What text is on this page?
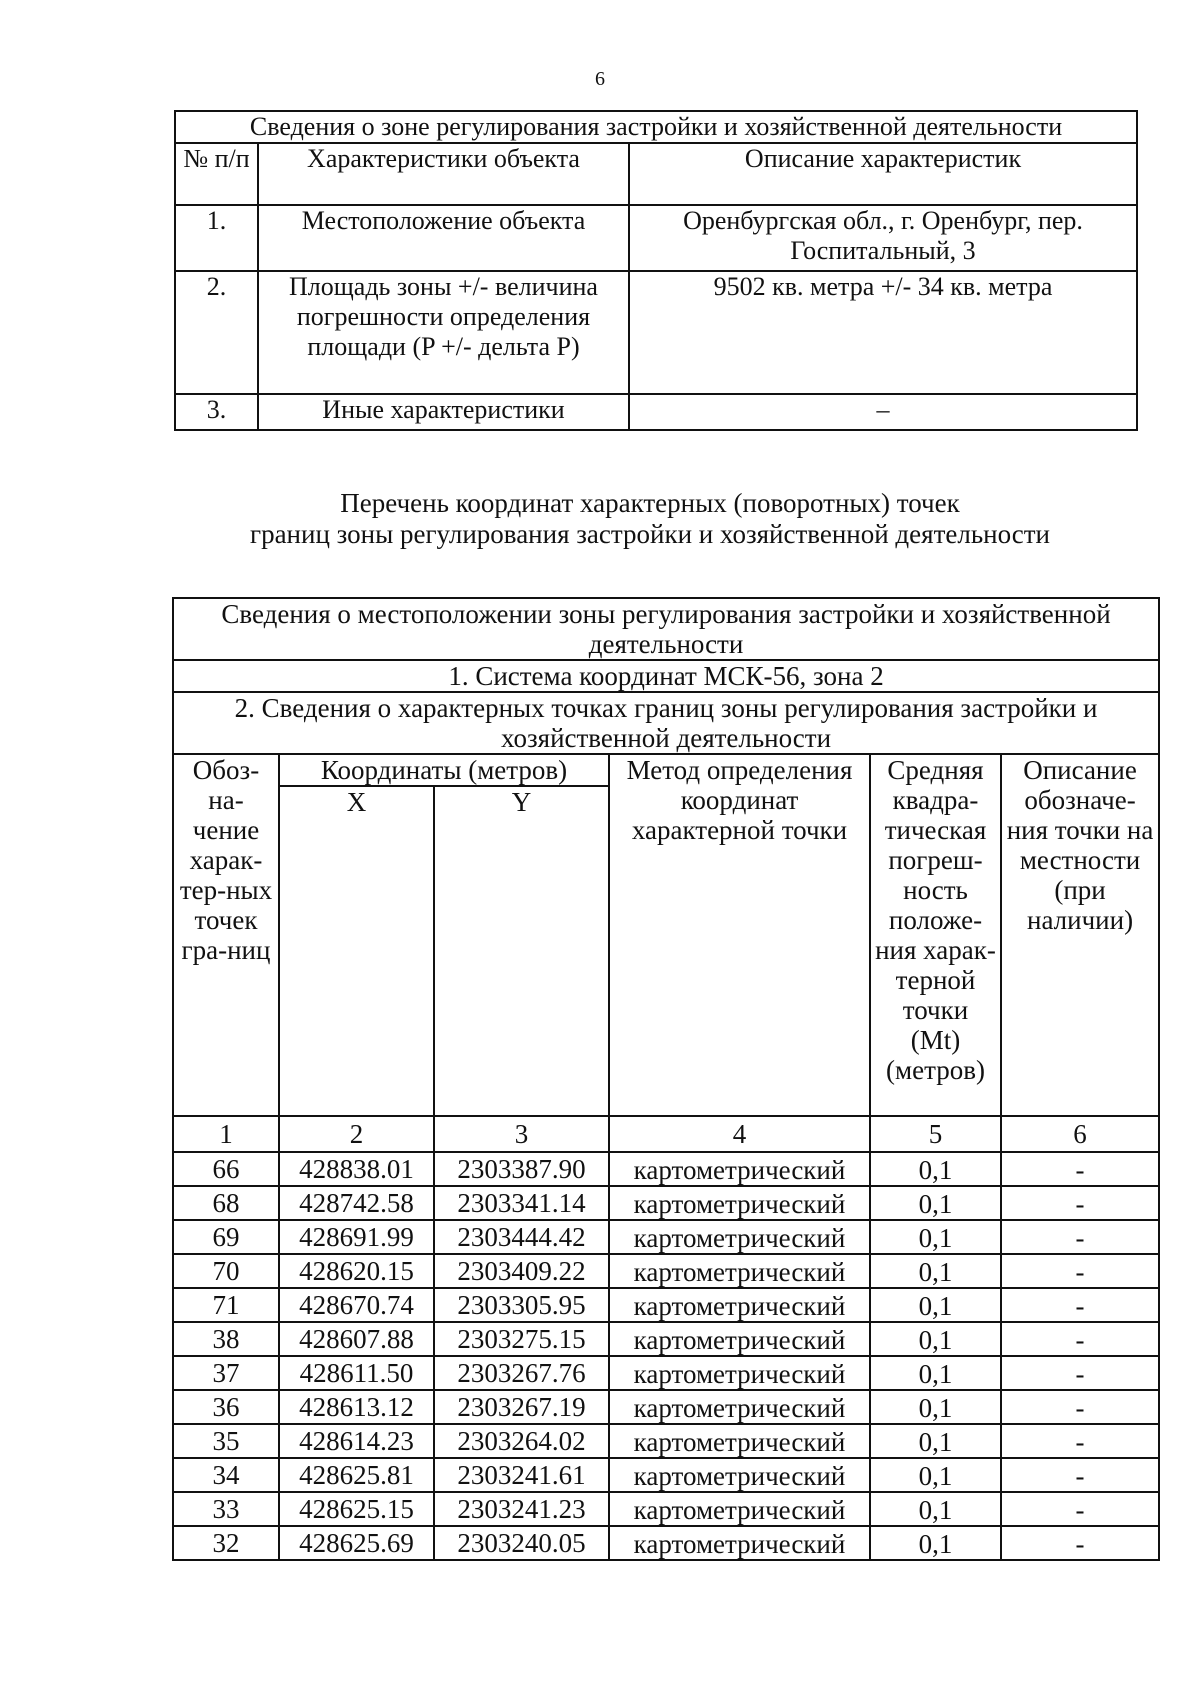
6
Сведения о зоне регулирования застройки и хозяйственной деятельности		
№ п/п	Характеристики объекта	Описание характеристик
1.	Местоположение объекта	Оренбургская обл., г. Оренбург, пер. Госпитальный, 3
2.	Площадь зоны +/- величина погрешности определения площади (P +/- дельта P)	9502 кв. метра +/- 34 кв. метра
3.	Иные характеристики	–
Перечень координат характерных (поворотных) точек
границ зоны регулирования застройки и хозяйственной деятельности
Сведения о местоположении зоны регулирования застройки и хозяйственной деятельности					
1. Система координат МСК-56, зона 2					
2. Сведения о характерных точках границ зоны регулирования застройки и хозяйственной деятельности					
Обоз-на-чение харак-тер-ных точек гра-ниц	Координаты (метров)		Метод определения координат характерной точки	Средняя квадра-тическая погреш-ность положе-ния харак-терной точки (Mt) (метров)	Описание обозначе-ния точки на местности (при наличии)
	X	Y			
1	2	3	4	5	6
66	428838.01	2303387.90	картометрический	0,1	-
68	428742.58	2303341.14	картометрический	0,1	-
69	428691.99	2303444.42	картометрический	0,1	-
70	428620.15	2303409.22	картометрический	0,1	-
71	428670.74	2303305.95	картометрический	0,1	-
38	428607.88	2303275.15	картометрический	0,1	-
37	428611.50	2303267.76	картометрический	0,1	-
36	428613.12	2303267.19	картометрический	0,1	-
35	428614.23	2303264.02	картометрический	0,1	-
34	428625.81	2303241.61	картометрический	0,1	-
33	428625.15	2303241.23	картометрический	0,1	-
32	428625.69	2303240.05	картометрический	0,1	-
